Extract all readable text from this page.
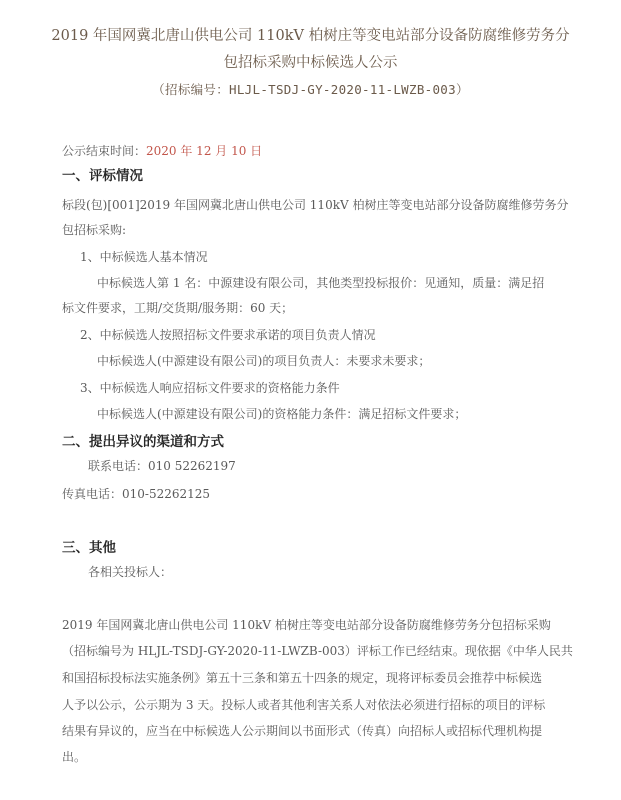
2019 年国网冀北唐山供电公司 110kV 柏树庄等变电站部分设备防腐维修劳务分
包招标采购中标候选人公示
（招标编号：HLJL-TSDJ-GY-2020-11-LWZB-003）
公示结束时间：2020 年 12 月 10 日
一、评标情况
标段(包)[001]2019 年国网冀北唐山供电公司 110kV 柏树庄等变电站部分设备防腐维修劳务分
包招标采购:
1、中标候选人基本情况
中标候选人第 1 名：中源建设有限公司，其他类型投标报价：见通知，质量：满足招
标文件要求，工期/交货期/服务期：60 天；
2、中标候选人按照招标文件要求承诺的项目负责人情况
中标候选人(中源建设有限公司)的项目负责人：未要求未要求；
3、中标候选人响应招标文件要求的资格能力条件
中标候选人(中源建设有限公司)的资格能力条件：满足招标文件要求；
二、提出异议的渠道和方式
联系电话：010 52262197
传真电话：010-52262125
三、其他
各相关投标人：
2019 年国网冀北唐山供电公司 110kV 柏树庄等变电站部分设备防腐维修劳务分包招标采购
（招标编号为 HLJL-TSDJ-GY-2020-11-LWZB-003）评标工作已经结束。现依据《中华人民共
和国招标投标法实施条例》第五十三条和第五十四条的规定，现将评标委员会推荐中标候选
人予以公示，公示期为 3 天。投标人或者其他利害关系人对依法必须进行招标的项目的评标
结果有异议的，应当在中标候选人公示期间以书面形式（传真）向招标人或招标代理机构提
出。
